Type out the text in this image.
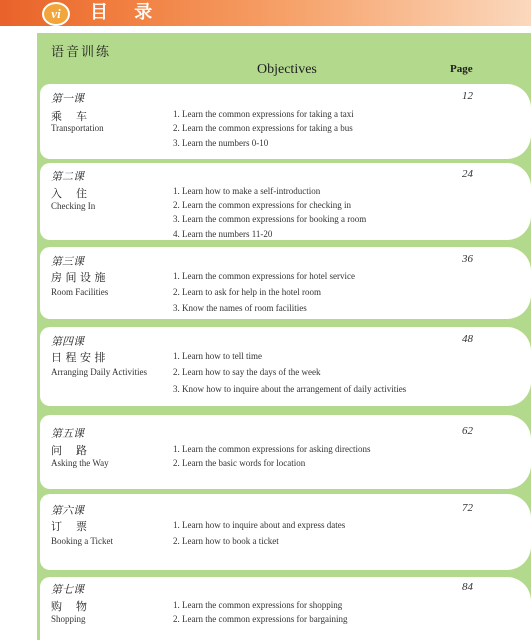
vi	目 录
语音训练
Objectives	Page
第一课
乘    车
Transportation
12
1. Learn the common expressions for taking a taxi
2. Learn the common expressions for taking a bus
3. Learn the numbers 0-10
第二课
入    住
Checking In
24
1. Learn how to make a self-introduction
2. Learn the common expressions for checking in
3. Learn the common expressions for booking a room
4. Learn the numbers 11-20
第三课
房 间 设 施
Room Facilities
36
1. Learn the common expressions for hotel service
2. Learn to ask for help in the hotel room
3. Know the names of room facilities
第四课
日 程 安 排
Arranging Daily Activities
48
1. Learn how to tell time
2. Learn how to say the days of the week
3. Know how to inquire about the arrangement of daily activities
第五课
问    路
Asking the Way
62
1. Learn the common expressions for asking directions
2. Learn the basic words for location
第六课
订    票
Booking a Ticket
72
1. Learn how to inquire about and express dates
2. Learn how to book a ticket
第七课
购    物
Shopping
84
1. Learn the common expressions for shopping
2. Learn the common expressions for bargaining
